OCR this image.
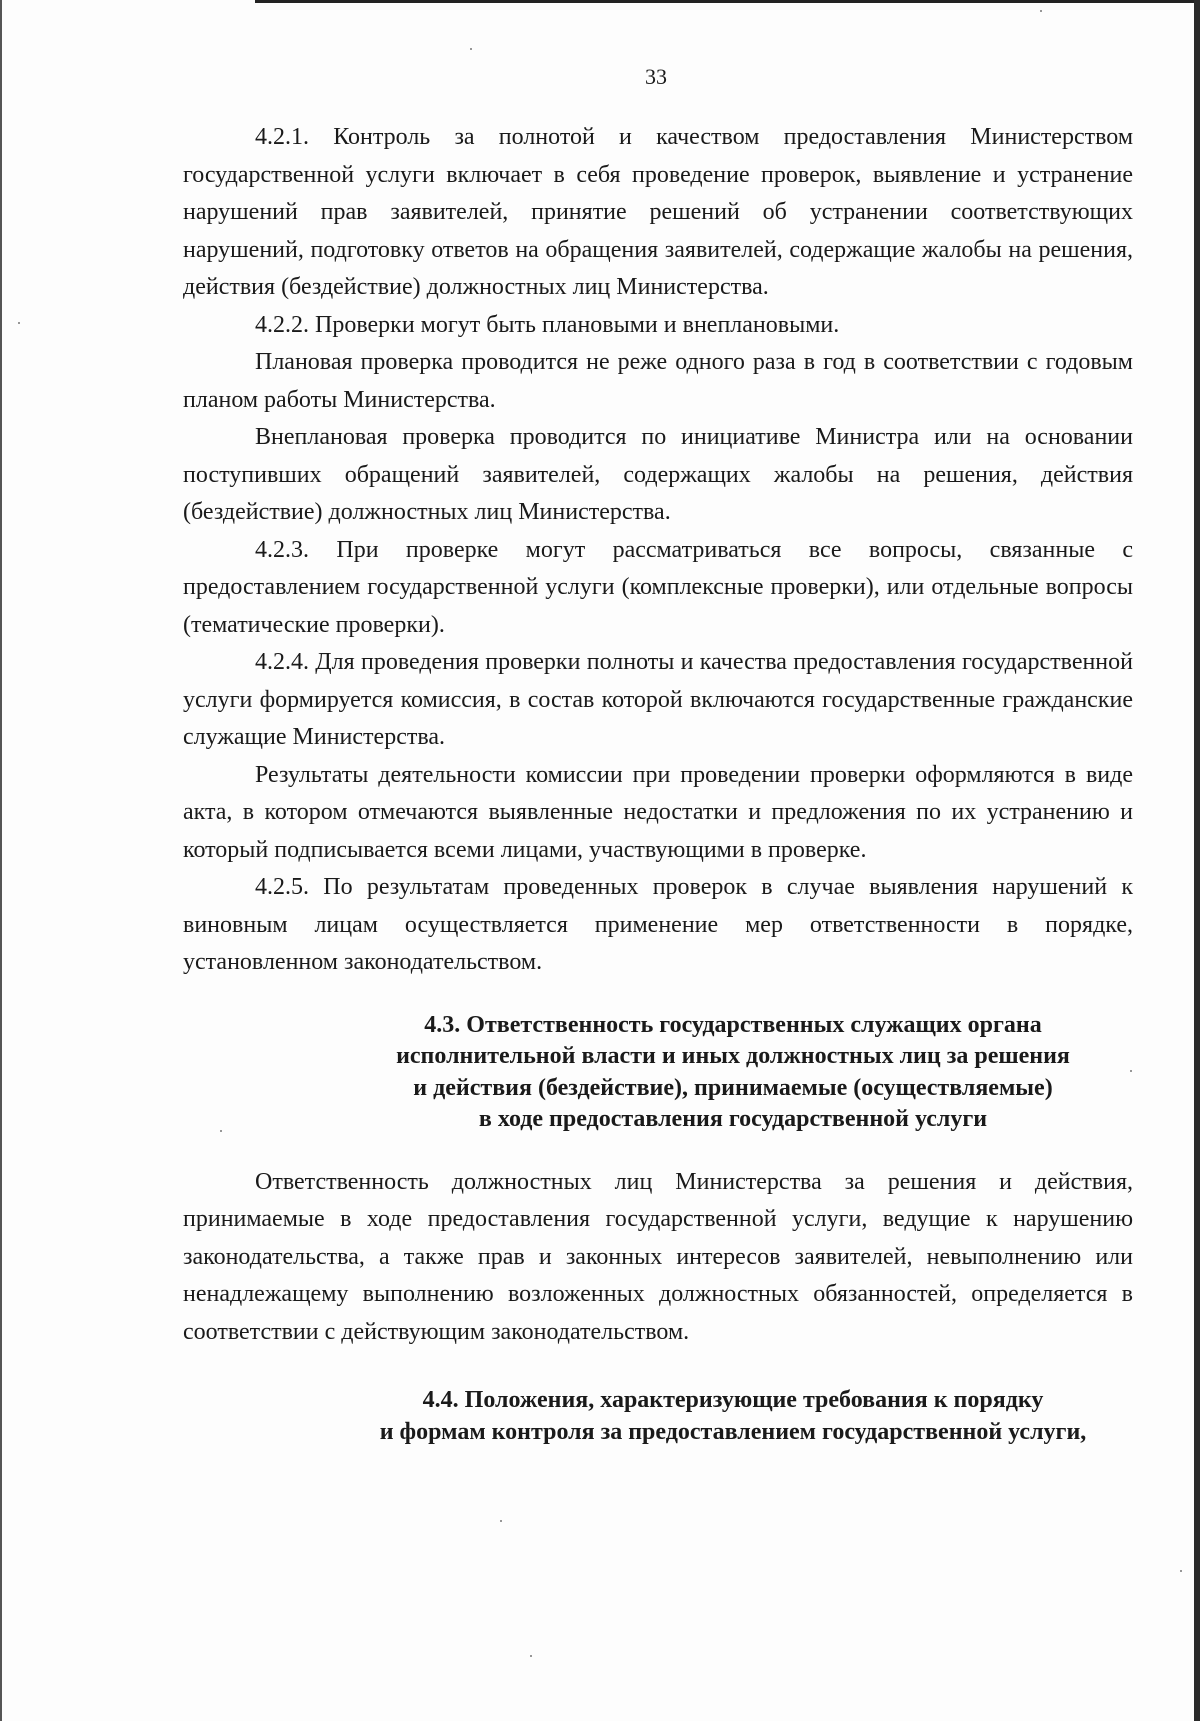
33

4.2.1. Контроль за полнотой и качеством предоставления Министерством государственной услуги включает в себя проведение проверок, выявление и устранение нарушений прав заявителей, принятие решений об устранении соответствующих нарушений, подготовку ответов на обращения заявителей, содержащие жалобы на решения, действия (бездействие) должностных лиц Министерства.

4.2.2. Проверки могут быть плановыми и внеплановыми.

Плановая проверка проводится не реже одного раза в год в соответствии с годовым планом работы Министерства.

Внеплановая проверка проводится по инициативе Министра или на основании поступивших обращений заявителей, содержащих жалобы на решения, действия (бездействие) должностных лиц Министерства.

4.2.3. При проверке могут рассматриваться все вопросы, связанные с предоставлением государственной услуги (комплексные проверки), или отдельные вопросы (тематические проверки).

4.2.4. Для проведения проверки полноты и качества предоставления государственной услуги формируется комиссия, в состав которой включаются государственные гражданские служащие Министерства.

Результаты деятельности комиссии при проведении проверки оформляются в виде акта, в котором отмечаются выявленные недостатки и предложения по их устранению и который подписывается всеми лицами, участвующими в проверке.

4.2.5. По результатам проведенных проверок в случае выявления нарушений к виновным лицам осуществляется применение мер ответственности в порядке, установленном законодательством.

4.3. Ответственность государственных служащих органа
исполнительной власти и иных должностных лиц за решения
и действия (бездействие), принимаемые (осуществляемые)
в ходе предоставления государственной услуги

Ответственность должностных лиц Министерства за решения и действия, принимаемые в ходе предоставления государственной услуги, ведущие к нарушению законодательства, а также прав и законных интересов заявителей, невыполнению или ненадлежащему выполнению возложенных должностных обязанностей, определяется в соответствии с действующим законодательством.

4.4. Положения, характеризующие требования к порядку
и формам контроля за предоставлением государственной услуги,
